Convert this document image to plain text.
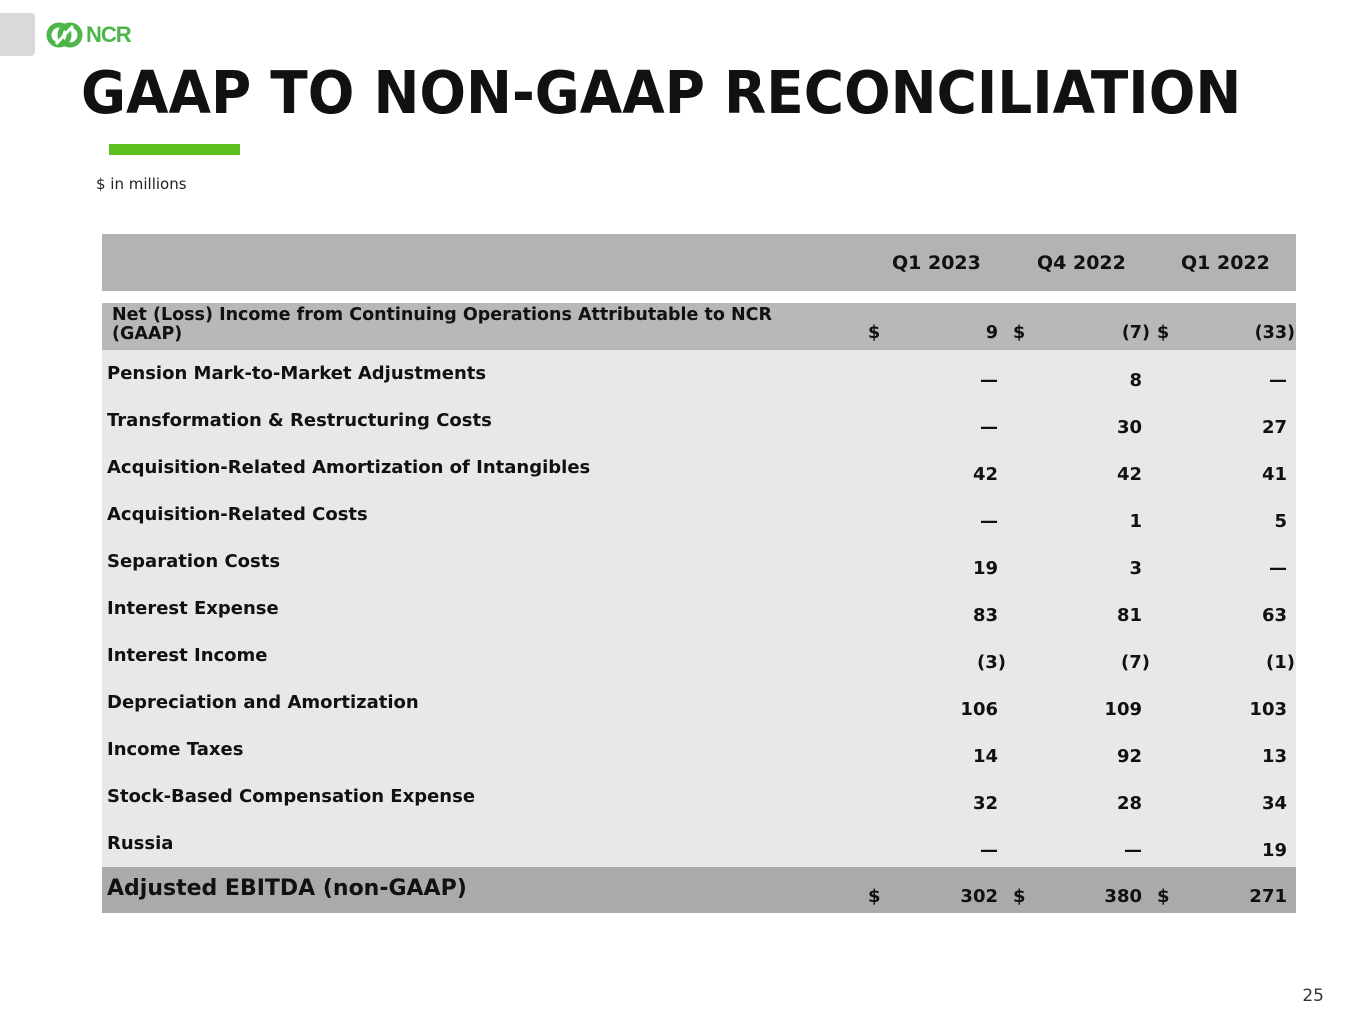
NCR
GAAP TO NON-GAAP RECONCILIATION
$ in millions
Q1 2023	Q4 2022	Q1 2022
Net (Loss) Income from Continuing Operations Attributable to NCR (GAAP)	$	9 $	(7) $	(33)
Pension Mark-to-Market Adjustments	—	8	—
Transformation & Restructuring Costs	—	30	27
Acquisition-Related Amortization of Intangibles	42	42	41
Acquisition-Related Costs	—	1	5
Separation Costs	19	3	—
Interest Expense	83	81	63
Interest Income	(3)	(7)	(1)
Depreciation and Amortization	106	109	103
Income Taxes	14	92	13
Stock-Based Compensation Expense	32	28	34
Russia	—	—	19
Adjusted EBITDA (non-GAAP)	$	302 $	380 $	271
25
